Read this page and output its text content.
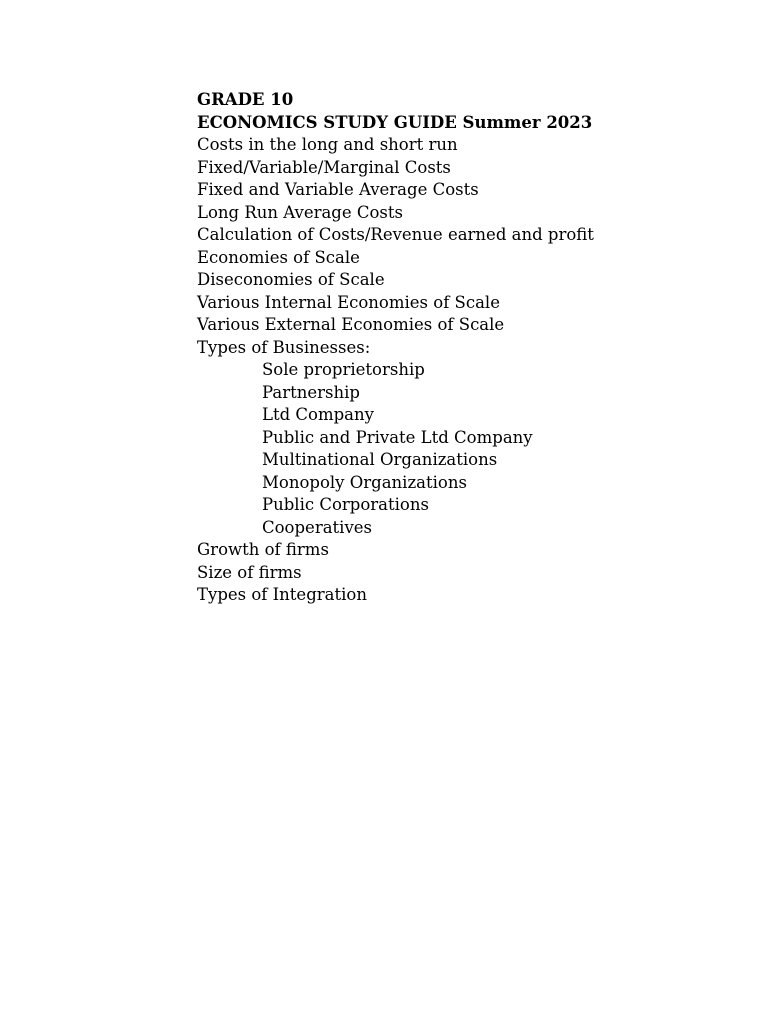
GRADE 10
ECONOMICS STUDY GUIDE Summer 2023
Costs in the long and short run
Fixed/Variable/Marginal Costs
Fixed and Variable Average Costs
Long Run Average Costs
Calculation of Costs/Revenue earned and profit
Economies of Scale
Diseconomies of Scale
Various Internal Economies of Scale
Various External Economies of Scale
Types of Businesses:
Sole proprietorship
Partnership
Ltd Company
Public and Private Ltd Company
Multinational Organizations
Monopoly Organizations
Public Corporations
Cooperatives
Growth of firms
Size of firms
Types of Integration
